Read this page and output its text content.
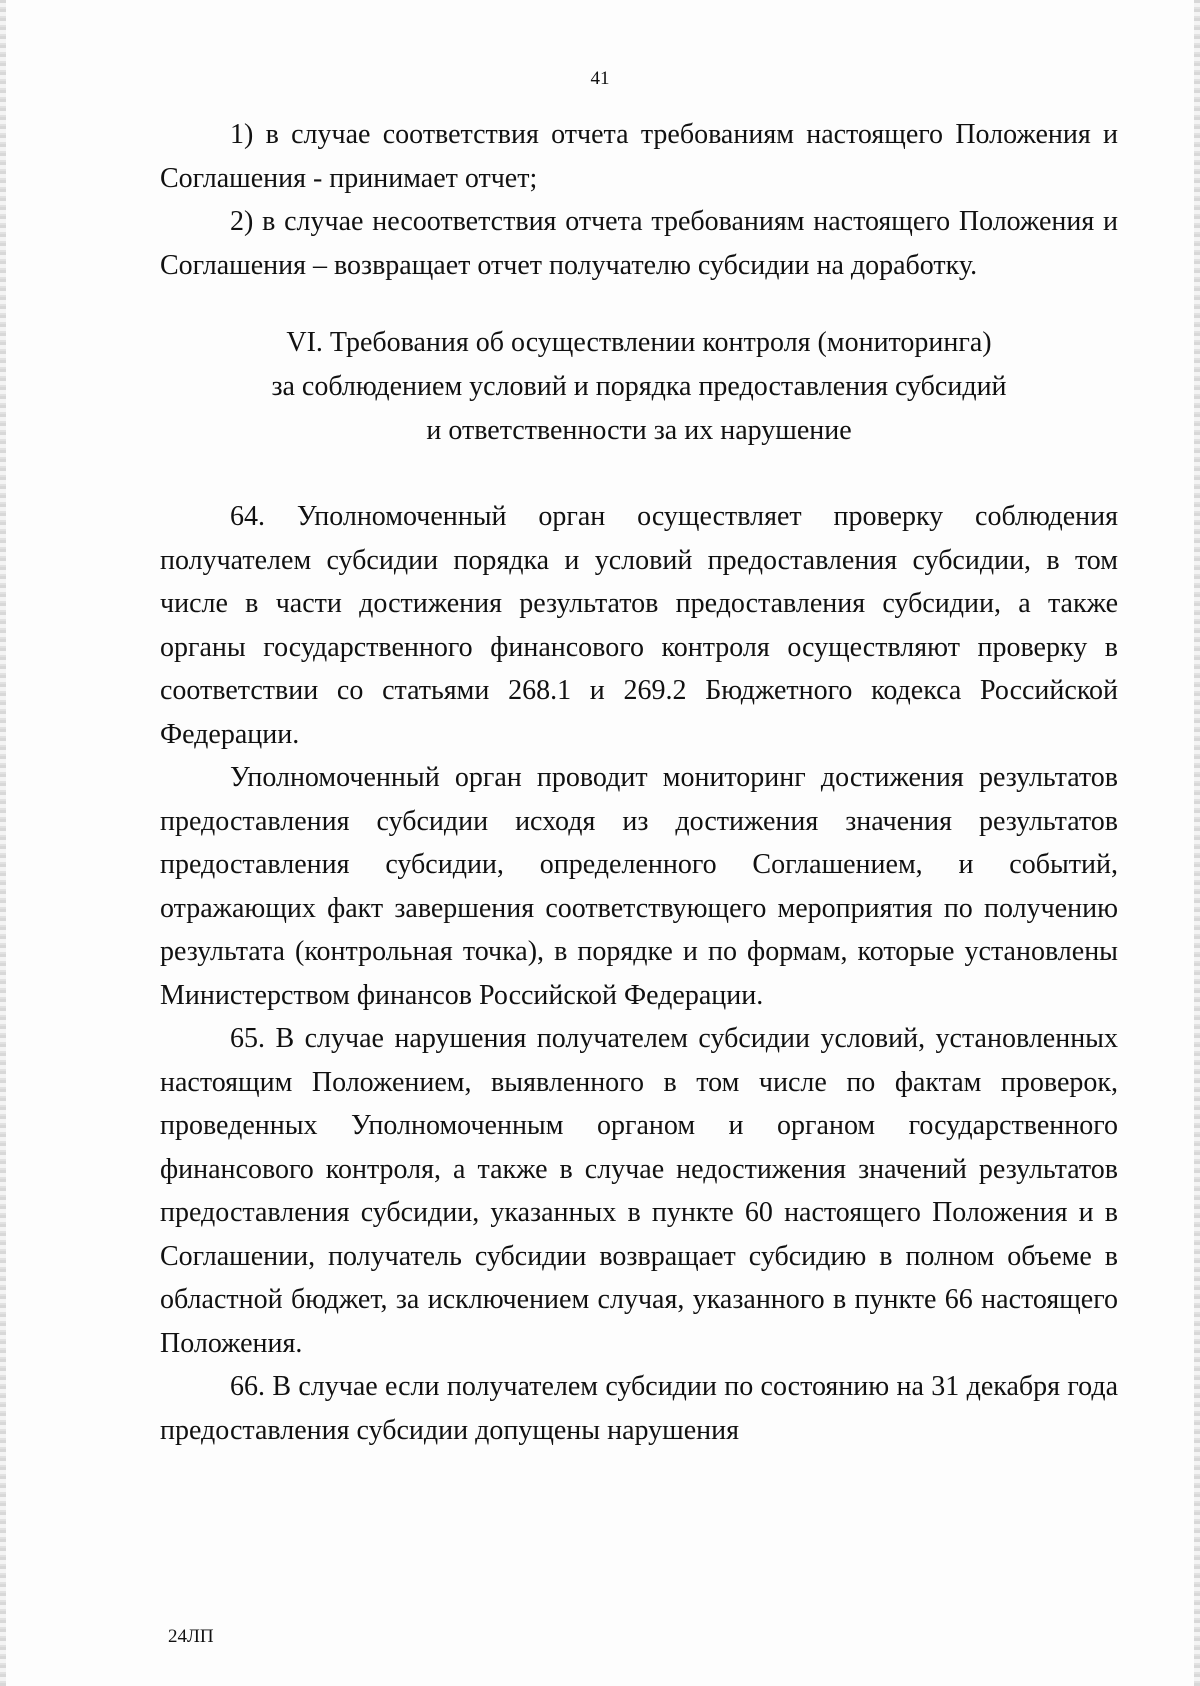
41

1) в случае соответствия отчета требованиям настоящего Положения и Соглашения - принимает отчет;

2) в случае несоответствия отчета требованиям настоящего Положения и Соглашения – возвращает отчет получателю субсидии на доработку.

VI. Требования об осуществлении контроля (мониторинга)
за соблюдением условий и порядка предоставления субсидий
и ответственности за их нарушение

64. Уполномоченный орган осуществляет проверку соблюдения получателем субсидии порядка и условий предоставления субсидии, в том числе в части достижения результатов предоставления субсидии, а также органы государственного финансового контроля осуществляют проверку в соответствии со статьями 268.1 и 269.2 Бюджетного кодекса Российской Федерации.

Уполномоченный орган проводит мониторинг достижения результатов предоставления субсидии исходя из достижения значения результатов предоставления субсидии, определенного Соглашением, и событий, отражающих факт завершения соответствующего мероприятия по получению результата (контрольная точка), в порядке и по формам, которые установлены Министерством финансов Российской Федерации.

65. В случае нарушения получателем субсидии условий, установленных настоящим Положением, выявленного в том числе по фактам проверок, проведенных Уполномоченным органом и органом государственного финансового контроля, а также в случае недостижения значений результатов предоставления субсидии, указанных в пункте 60 настоящего Положения и в Соглашении, получатель субсидии возвращает субсидию в полном объеме в областной бюджет, за исключением случая, указанного в пункте 66 настоящего Положения.

66. В случае если получателем субсидии по состоянию на 31 декабря года предоставления субсидии допущены нарушения

24ЛП
